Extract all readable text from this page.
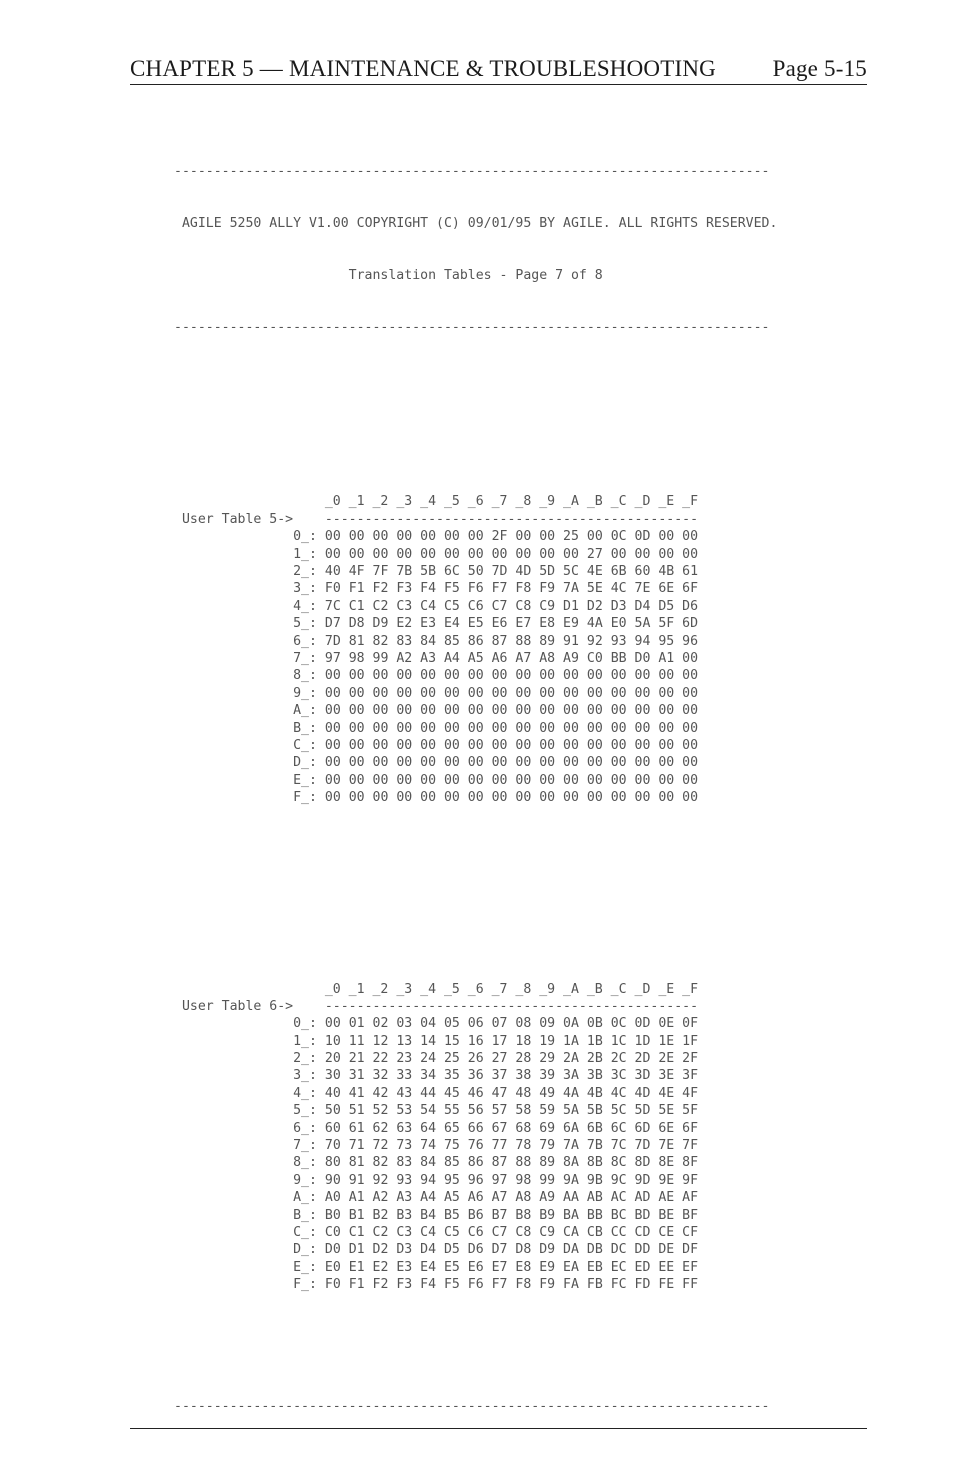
CHAPTER 5 — MAINTENANCE & TROUBLESHOOTING Page 5-15

---------------------------------------------------------------------------

AGILE 5250 ALLY V1.00 COPYRIGHT (C) 09/01/95 BY AGILE. ALL RIGHTS RESERVED.

Translation Tables - Page 7 of 8

---------------------------------------------------------------------------

_0 _1 _2 _3 _4 _5 _6 _7 _8 _9 _A _B _C _D _E _F
User Table 5->    -----------------------------------------------
0_: 00 00 00 00 00 00 00 2F 00 00 25 00 0C 0D 00 00
1_: 00 00 00 00 00 00 00 00 00 00 00 27 00 00 00 00
2_: 40 4F 7F 7B 5B 6C 50 7D 4D 5D 5C 4E 6B 60 4B 61
3_: F0 F1 F2 F3 F4 F5 F6 F7 F8 F9 7A 5E 4C 7E 6E 6F
4_: 7C C1 C2 C3 C4 C5 C6 C7 C8 C9 D1 D2 D3 D4 D5 D6
5_: D7 D8 D9 E2 E3 E4 E5 E6 E7 E8 E9 4A E0 5A 5F 6D
6_: 7D 81 82 83 84 85 86 87 88 89 91 92 93 94 95 96
7_: 97 98 99 A2 A3 A4 A5 A6 A7 A8 A9 C0 BB D0 A1 00
8_: 00 00 00 00 00 00 00 00 00 00 00 00 00 00 00 00
9_: 00 00 00 00 00 00 00 00 00 00 00 00 00 00 00 00
A_: 00 00 00 00 00 00 00 00 00 00 00 00 00 00 00 00
B_: 00 00 00 00 00 00 00 00 00 00 00 00 00 00 00 00
C_: 00 00 00 00 00 00 00 00 00 00 00 00 00 00 00 00
D_: 00 00 00 00 00 00 00 00 00 00 00 00 00 00 00 00
E_: 00 00 00 00 00 00 00 00 00 00 00 00 00 00 00 00
F_: 00 00 00 00 00 00 00 00 00 00 00 00 00 00 00 00

_0 _1 _2 _3 _4 _5 _6 _7 _8 _9 _A _B _C _D _E _F
User Table 6->    -----------------------------------------------
0_: 00 01 02 03 04 05 06 07 08 09 0A 0B 0C 0D 0E 0F
1_: 10 11 12 13 14 15 16 17 18 19 1A 1B 1C 1D 1E 1F
2_: 20 21 22 23 24 25 26 27 28 29 2A 2B 2C 2D 2E 2F
3_: 30 31 32 33 34 35 36 37 38 39 3A 3B 3C 3D 3E 3F
4_: 40 41 42 43 44 45 46 47 48 49 4A 4B 4C 4D 4E 4F
5_: 50 51 52 53 54 55 56 57 58 59 5A 5B 5C 5D 5E 5F
6_: 60 61 62 63 64 65 66 67 68 69 6A 6B 6C 6D 6E 6F
7_: 70 71 72 73 74 75 76 77 78 79 7A 7B 7C 7D 7E 7F
8_: 80 81 82 83 84 85 86 87 88 89 8A 8B 8C 8D 8E 8F
9_: 90 91 92 93 94 95 96 97 98 99 9A 9B 9C 9D 9E 9F
A_: A0 A1 A2 A3 A4 A5 A6 A7 A8 A9 AA AB AC AD AE AF
B_: B0 B1 B2 B3 B4 B5 B6 B7 B8 B9 BA BB BC BD BE BF
C_: C0 C1 C2 C3 C4 C5 C6 C7 C8 C9 CA CB CC CD CE CF
D_: D0 D1 D2 D3 D4 D5 D6 D7 D8 D9 DA DB DC DD DE DF
E_: E0 E1 E2 E3 E4 E5 E6 E7 E8 E9 EA EB EC ED EE EF
F_: F0 F1 F2 F3 F4 F5 F6 F7 F8 F9 FA FB FC FD FE FF

---------------------------------------------------------------------------
